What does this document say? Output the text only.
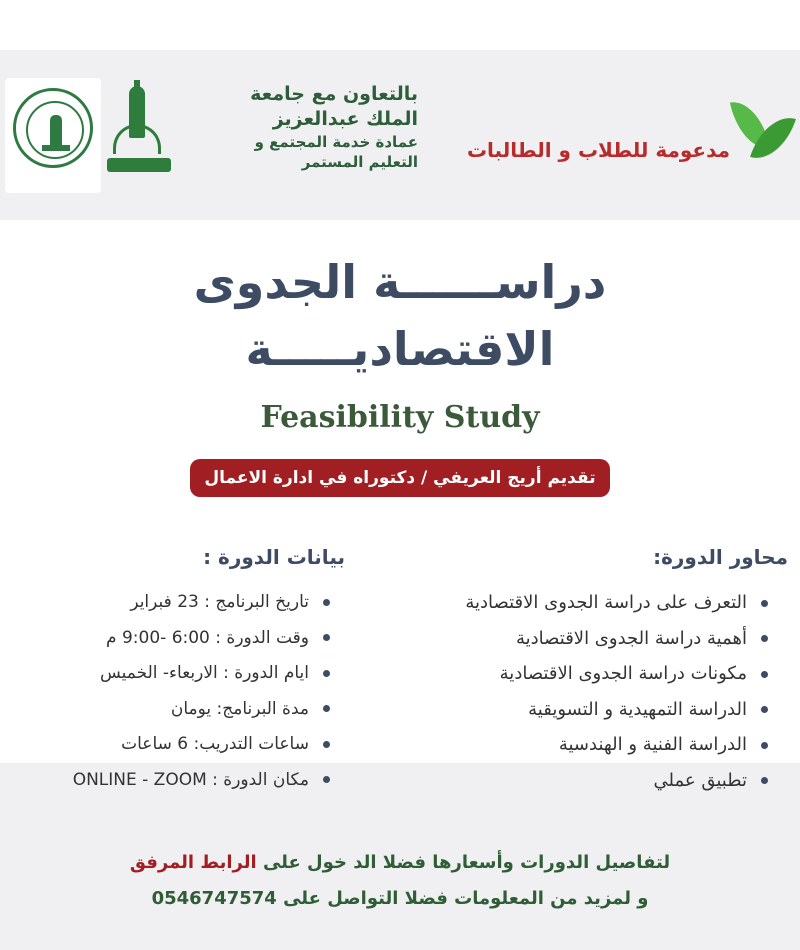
بالتعاون مع جامعة
الملك عبدالعزيز
عمادة خدمة المجتمع و
التعليم المستمر مدعومة للطلاب و الطالبات
دراســــــة الجدوى
الاقتصاديـــــة
Feasibility Study
تقديم أريج العريفي / دكتوراه في ادارة الاعمال
محاور الدورة:
التعرف على دراسة الجدوى الاقتصادية
أهمية دراسة الجدوى الاقتصادية
مكونات دراسة الجدوى الاقتصادية
الدراسة التمهيدية و التسويقية
الدراسة الفنية و الهندسية
تطبيق عملي
بيانات الدورة :
تاريخ البرنامج : 23 فبراير
وقت الدورة : 6:00 -9:00 م
ايام الدورة : الاربعاء- الخميس
مدة البرنامج: يومان
ساعات التدريب: 6 ساعات
مكان الدورة : ONLINE - ZOOM
لتفاصيل الدورات وأسعارها فضلا الد خول على الرابط المرفق
و لمزيد من المعلومات فضلا التواصل على 0546747574
